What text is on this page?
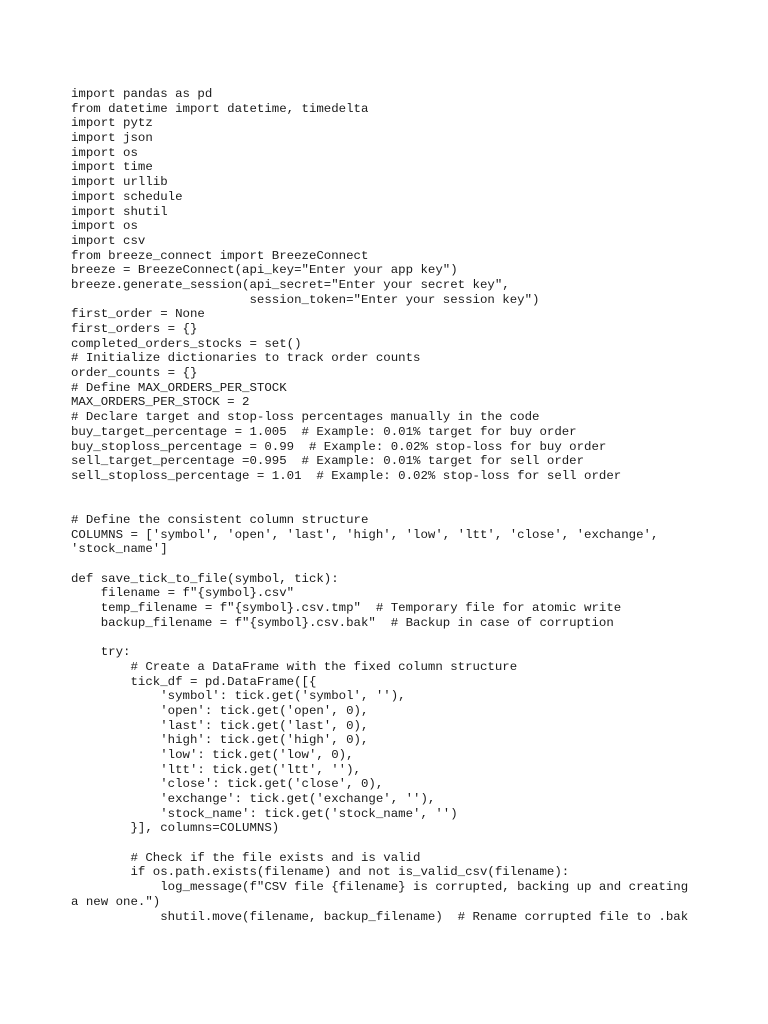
import pandas as pd
from datetime import datetime, timedelta
import pytz
import json
import os
import time
import urllib
import schedule
import shutil
import os
import csv
from breeze_connect import BreezeConnect
breeze = BreezeConnect(api_key="Enter your app key")
breeze.generate_session(api_secret="Enter your secret key",
session_token="Enter your session key")
first_order = None
first_orders = {}
completed_orders_stocks = set()
# Initialize dictionaries to track order counts
order_counts = {}
# Define MAX_ORDERS_PER_STOCK
MAX_ORDERS_PER_STOCK = 2
# Declare target and stop-loss percentages manually in the code
buy_target_percentage = 1.005  # Example: 0.01% target for buy order
buy_stoploss_percentage = 0.99  # Example: 0.02% stop-loss for buy order
sell_target_percentage =0.995  # Example: 0.01% target for sell order
sell_stoploss_percentage = 1.01  # Example: 0.02% stop-loss for sell order
# Define the consistent column structure
COLUMNS = ['symbol', 'open', 'last', 'high', 'low', 'ltt', 'close', 'exchange',
'stock_name']
def save_tick_to_file(symbol, tick):
filename = f"{symbol}.csv"
temp_filename = f"{symbol}.csv.tmp"  # Temporary file for atomic write
backup_filename = f"{symbol}.csv.bak"  # Backup in case of corruption
try:
# Create a DataFrame with the fixed column structure
tick_df = pd.DataFrame([{
'symbol': tick.get('symbol', ''),
'open': tick.get('open', 0),
'last': tick.get('last', 0),
'high': tick.get('high', 0),
'low': tick.get('low', 0),
'ltt': tick.get('ltt', ''),
'close': tick.get('close', 0),
'exchange': tick.get('exchange', ''),
'stock_name': tick.get('stock_name', '')
}], columns=COLUMNS)
# Check if the file exists and is valid
if os.path.exists(filename) and not is_valid_csv(filename):
log_message(f"CSV file {filename} is corrupted, backing up and creating
a new one.")
shutil.move(filename, backup_filename)  # Rename corrupted file to .bak
